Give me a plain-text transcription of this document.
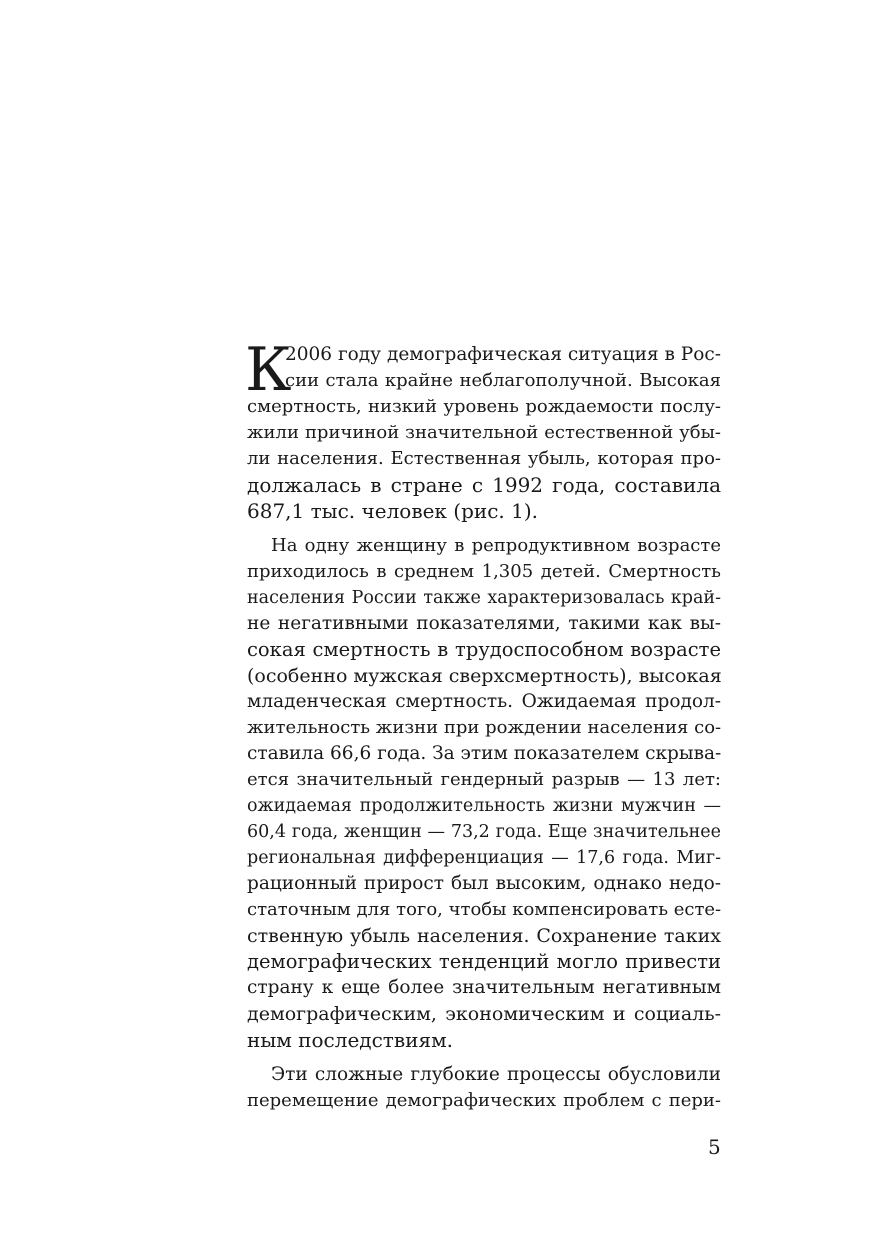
К
2006 году демографическая ситуация в Рос-
сии стала крайне неблагополучной. Высокая
смертность, низкий уровень рождаемости послу-
жили причиной значительной естественной убы-
ли населения. Естественная убыль, которая про-
должалась в стране с 1992 года, составила
687,1 тыс. человек (рис. 1).
На одну женщину в репродуктивном возрасте
приходилось в среднем 1,305 детей. Смертность
населения России также характеризовалась край-
не негативными показателями, такими как вы-
сокая смертность в трудоспособном возрасте
(особенно мужская сверхсмертность), высокая
младенческая смертность. Ожидаемая продол-
жительность жизни при рождении населения со-
ставила 66,6 года. За этим показателем скрыва-
ется значительный гендерный разрыв — 13 лет:
ожидаемая продолжительность жизни мужчин —
60,4 года, женщин — 73,2 года. Еще значительнее
региональная дифференциация — 17,6 года. Миг-
рационный прирост был высоким, однако недо-
статочным для того, чтобы компенсировать есте-
ственную убыль населения. Сохранение таких
демографических тенденций могло привести
страну к еще более значительным негативным
демографическим, экономическим и социаль-
ным последствиям.
Эти сложные глубокие процессы обусловили
перемещение демографических проблем с пери-
5
